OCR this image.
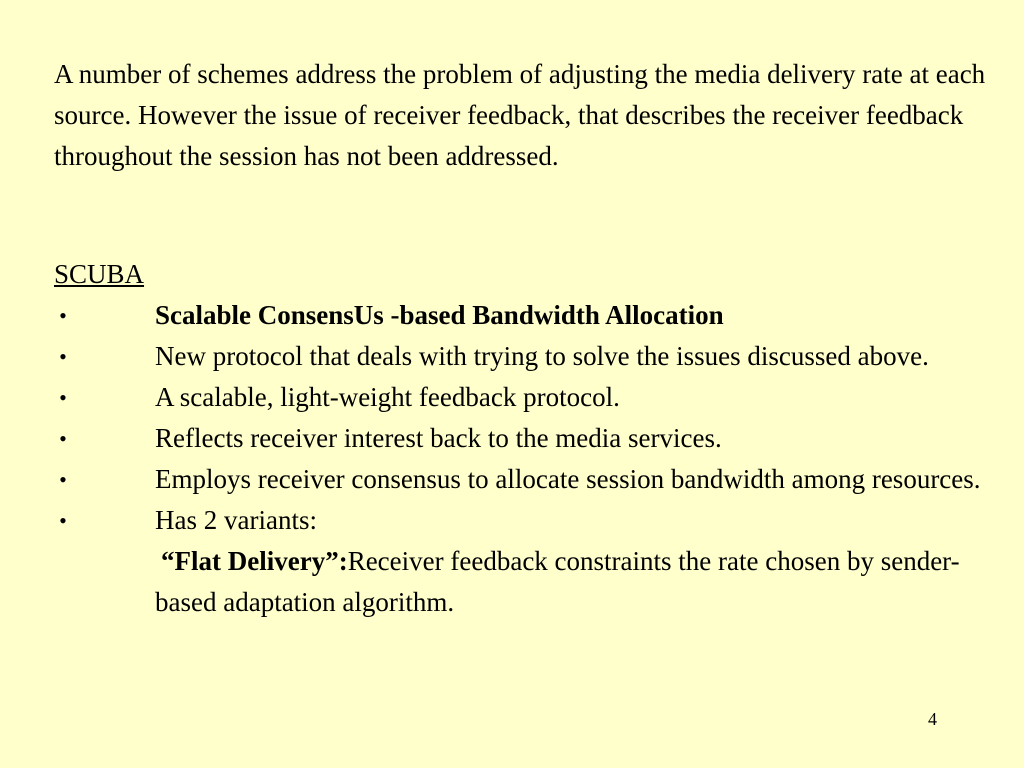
A number of schemes address the problem of adjusting the media delivery rate at each source. However the issue of receiver feedback, that describes the receiver feedback throughout the session has not been addressed.

SCUBA

•	Scalable ConsensUs -based Bandwidth Allocation
•	New protocol that deals with trying to solve the issues discussed above.
•	A scalable, light-weight feedback protocol.
•	Reflects receiver interest back to the media services.
•	Employs receiver consensus to allocate session bandwidth among resources.
•	Has 2 variants:
“Flat Delivery”:Receiver feedback constraints the rate chosen by sender- based adaptation algorithm.
4
